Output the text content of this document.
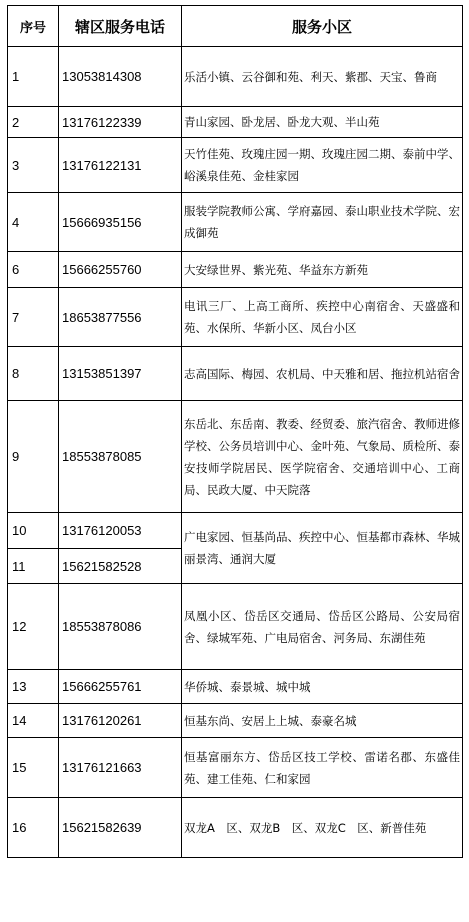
序号	辖区服务电话	服务小区
1	13053814308	乐活小镇、云谷御和苑、利天、紫郡、天宝、鲁商
2	13176122339	青山家园、卧龙居、卧龙大观、半山苑
3	13176122131	天竹佳苑、玫瑰庄园一期、玫瑰庄园二期、泰前中学、峪溪泉佳苑、金桂家园
4	15666935156	服装学院教师公寓、学府嘉园、泰山职业技术学院、宏成御苑
6	15666255760	大安绿世界、紫光苑、华益东方新苑
7	18653877556	电讯三厂、上高工商所、疾控中心南宿舍、天盛盛和苑、水保所、华新小区、凤台小区
8	13153851397	志高国际、梅园、农机局、中天雅和居、拖拉机站宿舍
9	18553878085	东岳北、东岳南、教委、经贸委、旅汽宿舍、教师进修学校、公务员培训中心、金叶苑、气象局、质检所、泰安技师学院居民、医学院宿舍、交通培训中心、工商局、民政大厦、中天院落
10	13176120053	广电家园、恒基尚品、疾控中心、恒基都市森林、华城丽景湾、通润大厦
11	15621582528	
12	18553878086	凤凰小区、岱岳区交通局、岱岳区公路局、公安局宿舍、绿城军苑、广电局宿舍、河务局、东湖佳苑
13	15666255761	华侨城、泰景城、城中城
14	13176120261	恒基东尚、安居上上城、泰豪名城
15	13176121663	恒基富丽东方、岱岳区技工学校、雷诺名郡、东盛佳苑、建工佳苑、仁和家园
16	15621582639	双龙A　区、双龙B　区、双龙C　区、新普佳苑
